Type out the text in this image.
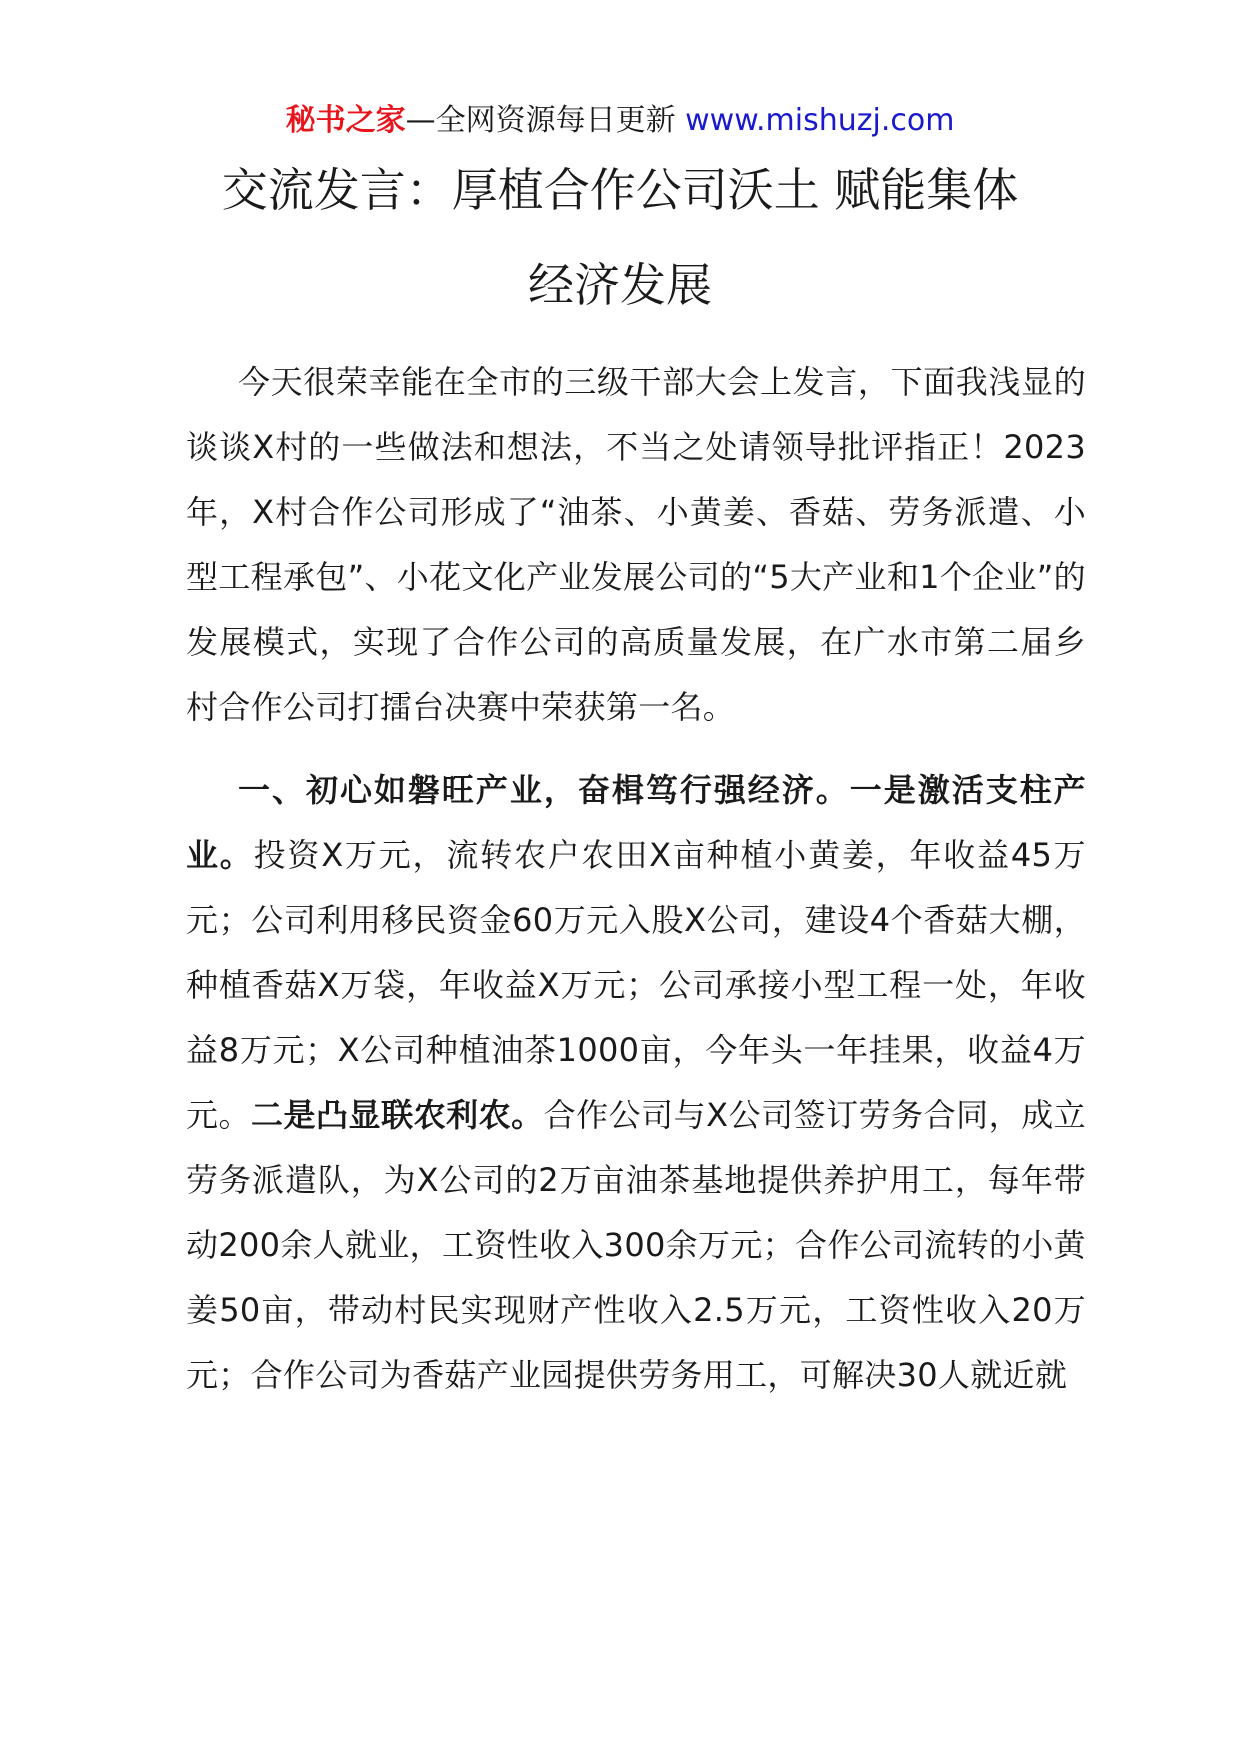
秘书之家—全网资源每日更新 www.mishuzj.com
交流发言：厚植合作公司沃土 赋能集体
经济发展

今天很荣幸能在全市的三级干部大会上发言，下面我浅显的谈谈X村的一些做法和想法，不当之处请领导批评指正！2023年，X村合作公司形成了“油茶、小黄姜、香菇、劳务派遣、小型工程承包”、小花文化产业发展公司的“5大产业和1个企业”的发展模式，实现了合作公司的高质量发展，在广水市第二届乡村合作公司打擂台决赛中荣获第一名。

一、初心如磐旺产业，奋楫笃行强经济。一是激活支柱产业。投资X万元，流转农户农田X亩种植小黄姜，年收益45万元；公司利用移民资金60万元入股X公司，建设4个香菇大棚，种植香菇X万袋，年收益X万元；公司承接小型工程一处，年收益8万元；X公司种植油茶1000亩，今年头一年挂果，收益4万元。二是凸显联农利农。合作公司与X公司签订劳务合同，成立劳务派遣队，为X公司的2万亩油茶基地提供养护用工，每年带动200余人就业，工资性收入300余万元；合作公司流转的小黄姜50亩，带动村民实现财产性收入2.5万元，工资性收入20万元；合作公司为香菇产业园提供劳务用工，可解决30人就近就
